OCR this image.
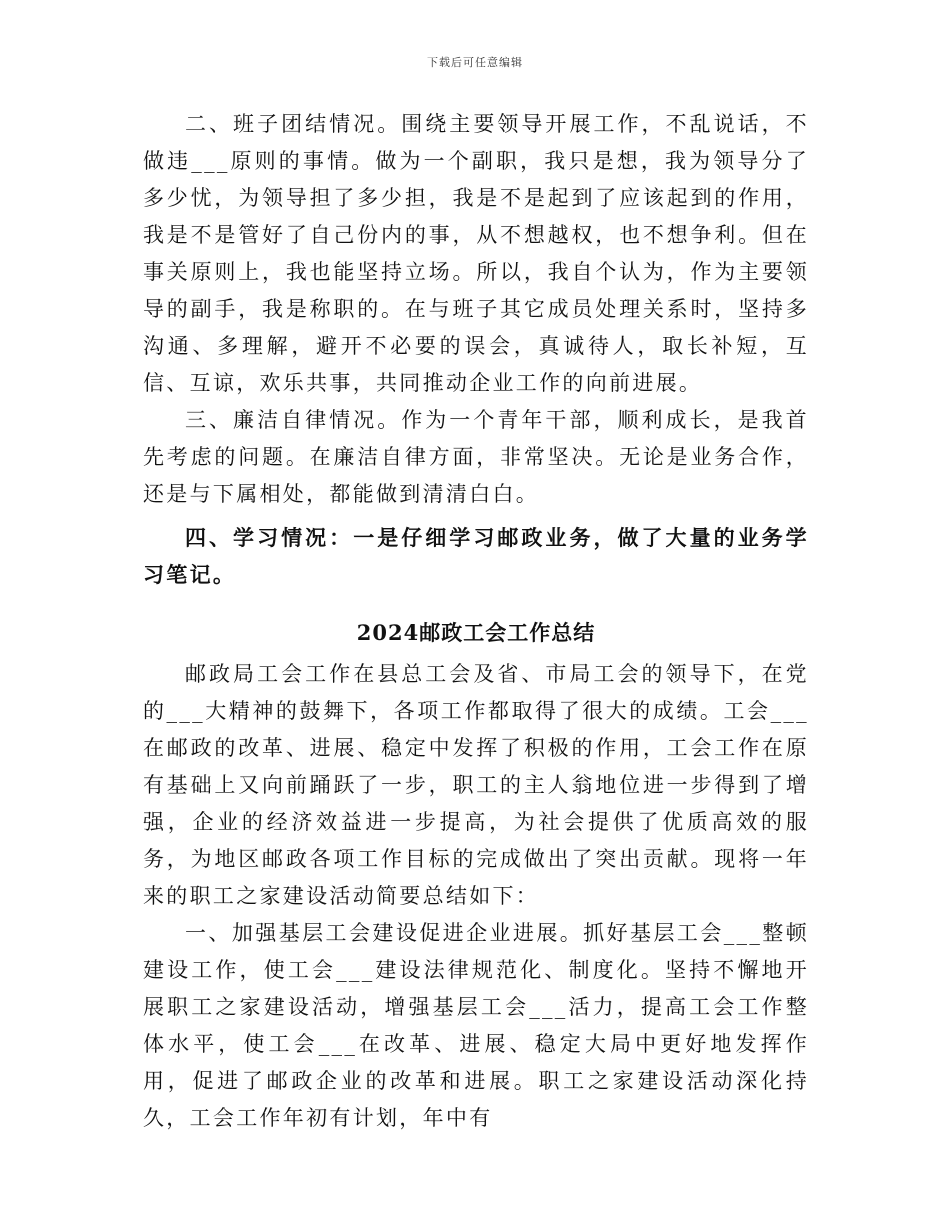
下载后可任意编辑

二、班子团结情况。围绕主要领导开展工作，不乱说话，不做违___原则的事情。做为一个副职，我只是想，我为领导分了多少忧，为领导担了多少担，我是不是起到了应该起到的作用，我是不是管好了自己份内的事，从不想越权，也不想争利。但在事关原则上，我也能坚持立场。所以，我自个认为，作为主要领导的副手，我是称职的。在与班子其它成员处理关系时，坚持多沟通、多理解，避开不必要的误会，真诚待人，取长补短，互信、互谅，欢乐共事，共同推动企业工作的向前进展。

三、廉洁自律情况。作为一个青年干部，顺利成长，是我首先考虑的问题。在廉洁自律方面，非常坚决。无论是业务合作，还是与下属相处，都能做到清清白白。

四、学习情况：一是仔细学习邮政业务，做了大量的业务学习笔记。

2024邮政工会工作总结

邮政局工会工作在县总工会及省、市局工会的领导下，在党的___大精神的鼓舞下，各项工作都取得了很大的成绩。工会___在邮政的改革、进展、稳定中发挥了积极的作用，工会工作在原有基础上又向前踊跃了一步，职工的主人翁地位进一步得到了增强，企业的经济效益进一步提高，为社会提供了优质高效的服务，为地区邮政各项工作目标的完成做出了突出贡献。现将一年来的职工之家建设活动简要总结如下：

一、加强基层工会建设促进企业进展。抓好基层工会___整顿建设工作，使工会___建设法律规范化、制度化。坚持不懈地开展职工之家建设活动，增强基层工会___活力，提高工会工作整体水平，使工会___在改革、进展、稳定大局中更好地发挥作用，促进了邮政企业的改革和进展。职工之家建设活动深化持久，工会工作年初有计划，年中有
